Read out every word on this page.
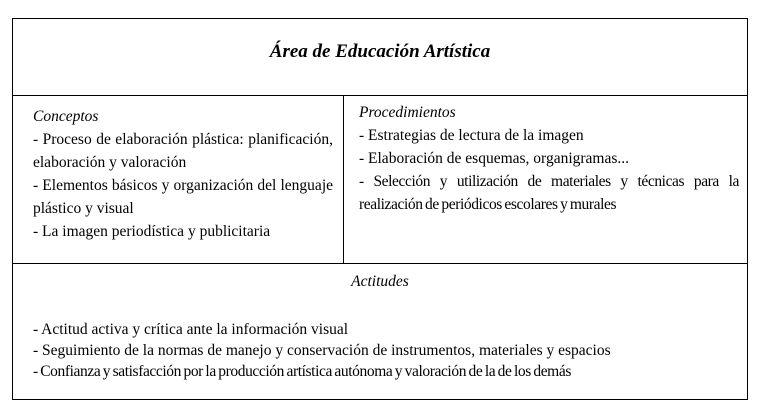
Área de Educación Artística

Conceptos

- Proceso de elaboración plástica: planificación, elaboración y valoración

- Elementos básicos y organización del lenguaje plástico y visual

- La imagen periodística y publicitaria

Procedimientos

- Estrategias de lectura de la imagen

- Elaboración de esquemas, organigramas...

- Selección y utilización de materiales y técnicas para la realización de periódicos escolares y murales

Actitudes

- Actitud activa y crítica ante la información visual

- Seguimiento de la normas de manejo y conservación de instrumentos, materiales y espacios

- Confianza y satisfacción por la producción artística autónoma y valoración de la de los demás
